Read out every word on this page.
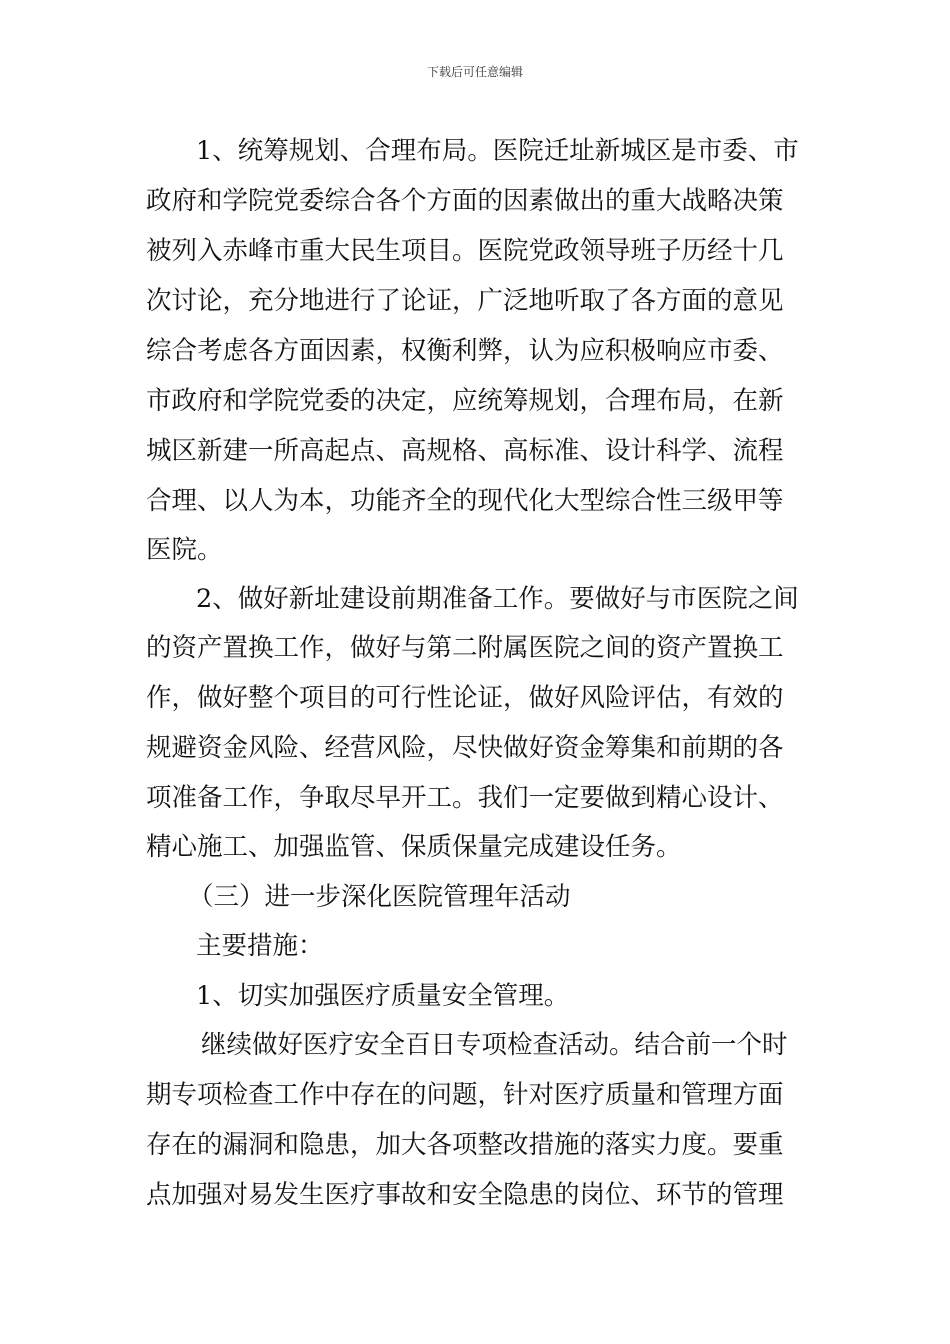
下载后可任意编辑
1、统筹规划、合理布局。医院迁址新城区是市委、市
政府和学院党委综合各个方面的因素做出的重大战略决策
被列入赤峰市重大民生项目。医院党政领导班子历经十几
次讨论，充分地进行了论证，广泛地听取了各方面的意见
综合考虑各方面因素，权衡利弊，认为应积极响应市委、
市政府和学院党委的决定，应统筹规划，合理布局，在新
城区新建一所高起点、高规格、高标准、设计科学、流程
合理、以人为本，功能齐全的现代化大型综合性三级甲等
医院。
2、做好新址建设前期准备工作。要做好与市医院之间
的资产置换工作，做好与第二附属医院之间的资产置换工
作，做好整个项目的可行性论证，做好风险评估，有效的
规避资金风险、经营风险，尽快做好资金筹集和前期的各
项准备工作，争取尽早开工。我们一定要做到精心设计、
精心施工、加强监管、保质保量完成建设任务。
（三）进一步深化医院管理年活动
主要措施：
1、切实加强医疗质量安全管理。
继续做好医疗安全百日专项检查活动。结合前一个时
期专项检查工作中存在的问题，针对医疗质量和管理方面
存在的漏洞和隐患，加大各项整改措施的落实力度。要重
点加强对易发生医疗事故和安全隐患的岗位、环节的管理
